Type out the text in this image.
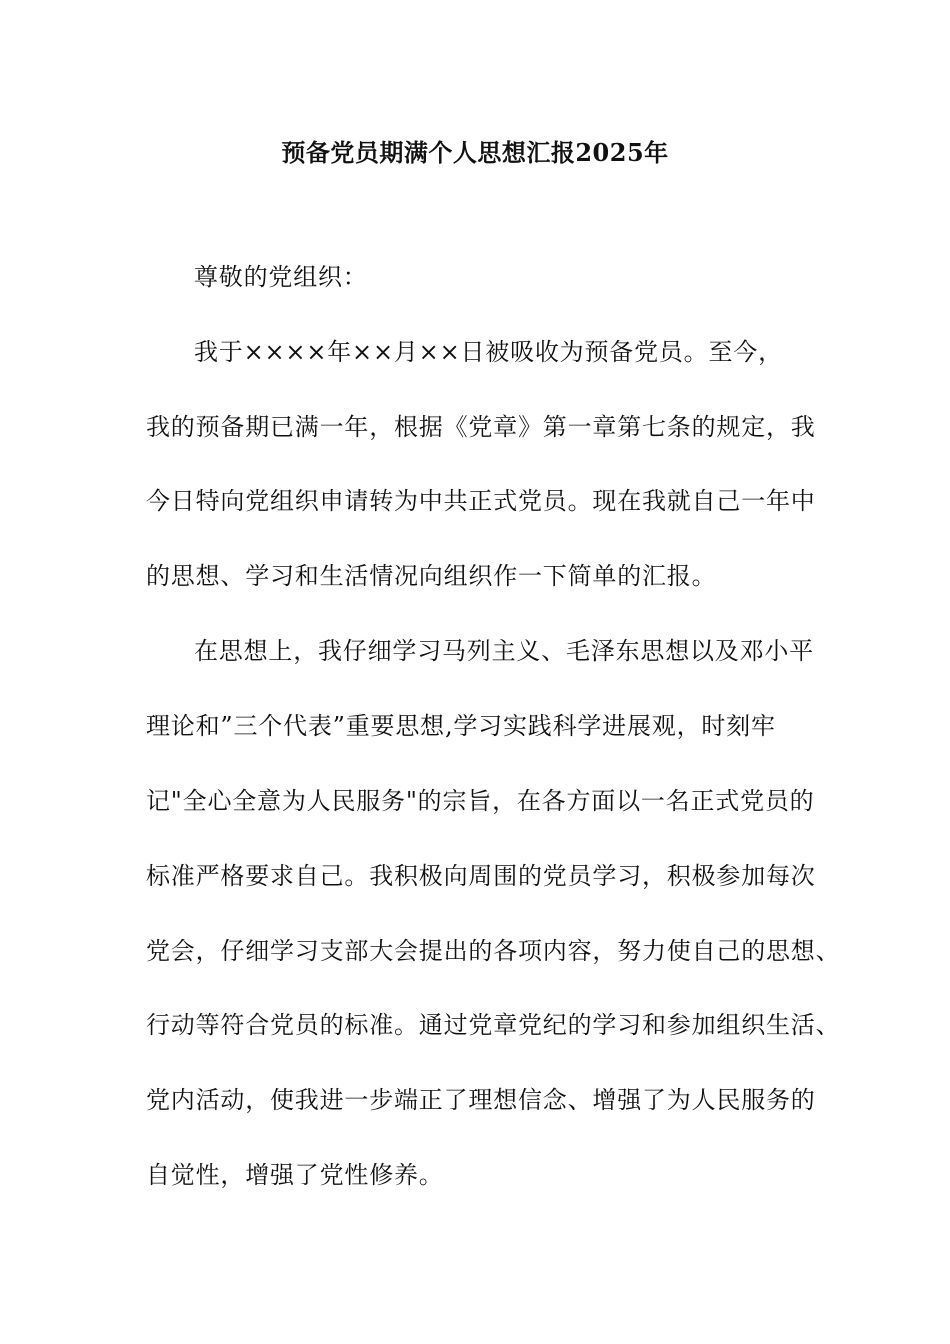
预备党员期满个人思想汇报2025年
尊敬的党组织：
我于××××年××月××日被吸收为预备党员。至今，
我的预备期已满一年，根据《党章》第一章第七条的规定，我
今日特向党组织申请转为中共正式党员。现在我就自己一年中
的思想、学习和生活情况向组织作一下简单的汇报。
在思想上，我仔细学习马列主义、毛泽东思想以及邓小平
理论和”三个代表”重要思想,学习实践科学进展观，时刻牢
记"全心全意为人民服务"的宗旨，在各方面以一名正式党员的
标准严格要求自己。我积极向周围的党员学习，积极参加每次
党会，仔细学习支部大会提出的各项内容，努力使自己的思想、
行动等符合党员的标准。通过党章党纪的学习和参加组织生活、
党内活动，使我进一步端正了理想信念、增强了为人民服务的
自觉性，增强了党性修养。
